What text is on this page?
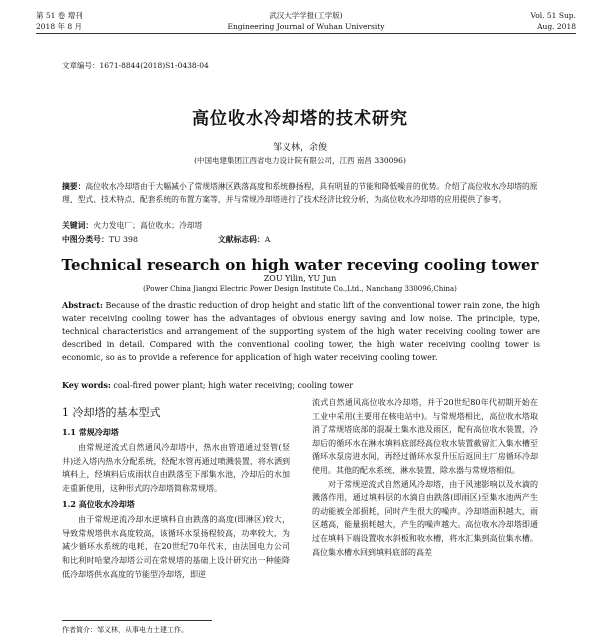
第 51 卷 增刊
2018 年 8 月
武汉大学学报(工学版)
Engineering Journal of Wuhan University
Vol. 51 Sup.
Aug. 2018
文章编号：1671-8844(2018)S1-0438-04
高位收水冷却塔的技术研究
邹义林，余俊
(中国电建集团江西省电力设计院有限公司，江西 南昌 330096)
摘要：高位收水冷却塔由于大幅减小了常规塔淋区跌落高度和系统静扬程，具有明显的节能和降低噪音的优势。介绍了高位收水冷却塔的原理、型式、技术特点、配套系统的布置方案等，并与常规冷却塔进行了技术经济比较分析，为高位收水冷却塔的应用提供了参考。
关键词：火力发电厂；高位收水；冷却塔
中图分类号：TU 398	文献标志码：A
Technical research on high water receving cooling tower
ZOU Yilin, YU Jun
(Power China Jiangxi Electric Power Design Institute Co.,Ltd., Nanchang 330096,China)
Abstract: Because of the drastic reduction of drop height and static lift of the conventional tower rain zone, the high water receiving cooling tower has the advantages of obvious energy saving and low noise. The principle, type, technical characteristics and arrangement of the supporting system of the high water receiving cooling tower are described in detail. Compared with the conventional cooling tower, the high water receiving cooling tower is economic, so as to provide a reference for application of high water receiving cooling tower.
Key words: coal-fired power plant; high water receiving; cooling tower
1 冷却塔的基本型式
1.1 常规冷却塔

由常规逆流式自然通风冷却塔中，热水由管道通过竖管(竖井)送入塔内热水分配系统，经配水管再通过喷溅装置，将水洒到填料上，经填料后成雨状自由跌落至下部集水池，冷却后的水加走重新使用，这种形式的冷却塔简称常规塔。

1.2 高位收水冷却塔

由于常规逆流冷却水逆填料自由跌落的高度(即淋区)较大，导致常规塔供水高度较高，该循环水泵扬程较高，功率较大，为减少循环水系统的电耗，在20世纪70年代末，由法国电力公司和比利时哈蒙冷却塔公司在常规塔的基础上设计研究出一种能降低冷却塔供水高度的节能型冷却塔，即逆

流式自然通风高位收水冷却塔，并于20世纪80年代初期开始在工业中采用(主要用在核电站中)。与常规塔相比，高位收水塔取消了常规塔底部的混凝土集水池及雨区，配有高位收水装置，冷却后的循环水在淋水填料底部经高位收水装置截留汇入集水槽至循环水泵房进水间，再经过循环水泵升压后返回主厂房循环冷却使用。其他的配水系统、淋水装置、除水器与常规塔相似。

对于常规逆流式自然通风冷却塔，由于风速影响以及水滴的溅落作用，通过填料层的水滴自由跌落(即雨区)至集水池两产生的动能被全部损耗，同时产生很大的噪声。冷却塔面积越大，雨区越高，能量损耗越大，产生的噪声越大。高位收水冷却塔即通过在填料下端设置收水斜板和收水槽，将水汇集到高位集水槽。高位集水槽水回到填料底部的高差

作者简介：邹义林，从事电力土建工作。
